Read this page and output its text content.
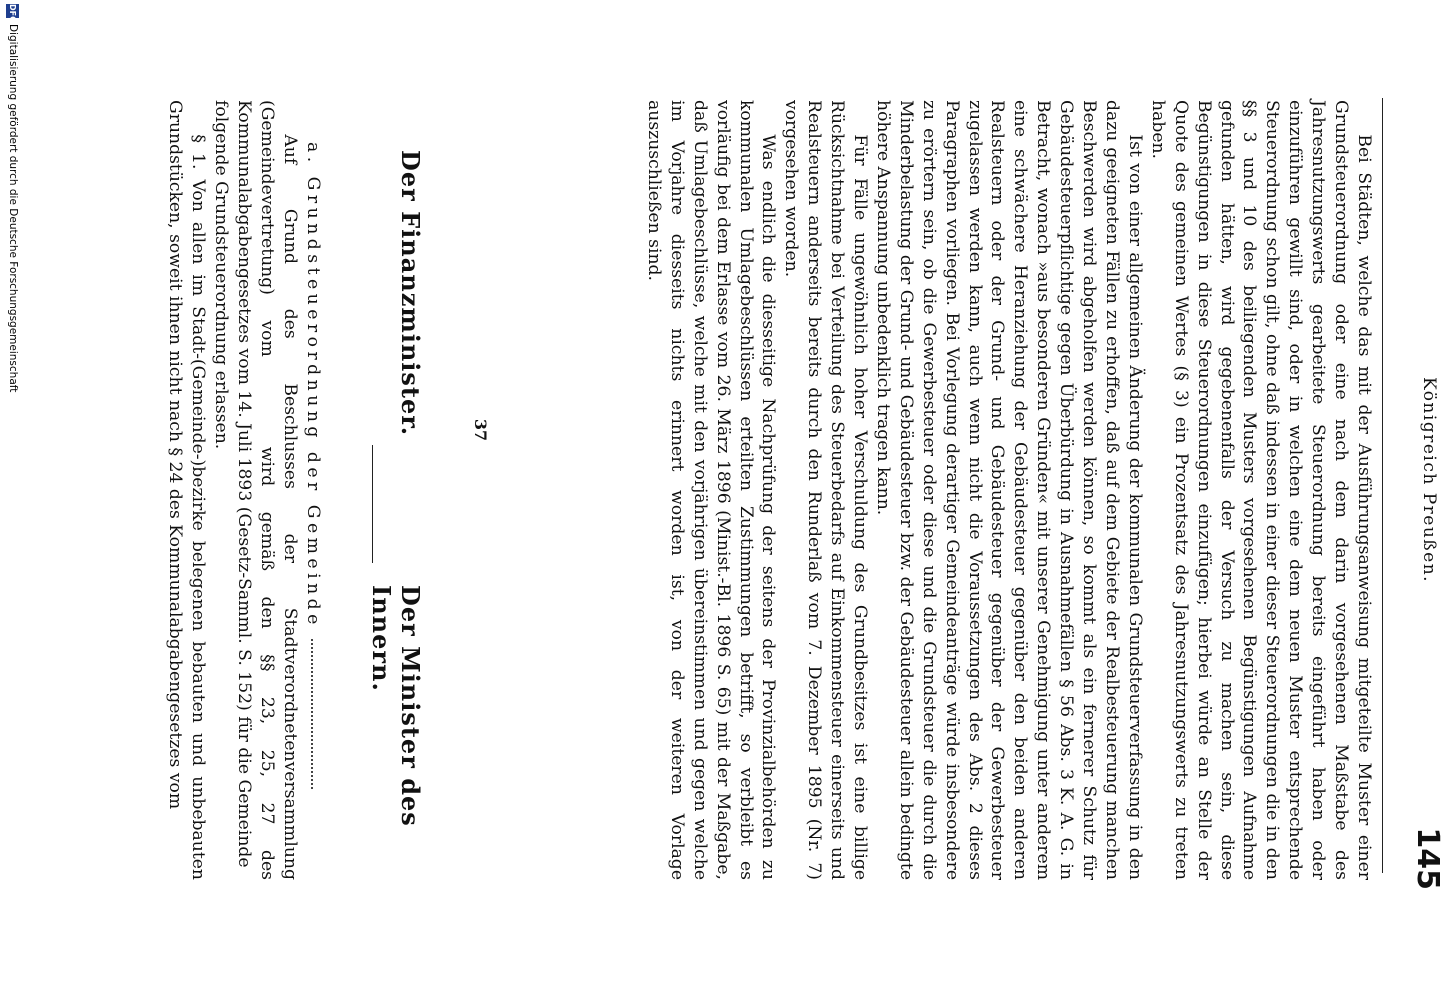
Königreich Preußen.
145

Bei Städten, welche das mit der Ausführungsanweisung mitgeteilte Muster einer Grundsteuerordnung oder eine nach dem darin vorgesehenen Maßstabe des Jahresnutzungswerts gearbeitete Steuerordnung bereits eingeführt haben oder einzuführen gewillt sind, oder in welchen eine dem neuen Muster entsprechende Steuerordnung schon gilt, ohne daß indessen in einer dieser Steuerordnungen die in den §§ 3 und 10 des beiliegenden Musters vorgesehenen Begünstigungen Aufnahme gefunden hätten, wird gegebenenfalls der Versuch zu machen sein, diese Begünstigungen in diese Steuerordnungen einzufügen; hierbei würde an Stelle der Quote des gemeinen Wertes (§ 3) ein Prozentsatz des Jahresnutzungswerts zu treten haben.

Ist von einer allgemeinen Änderung der kommunalen Grundsteuerverfassung in den dazu geeigneten Fällen zu erhoffen, daß auf dem Gebiete der Realbesteuerung manchen Beschwerden wird abgeholfen werden können, so kommt als ein fernerer Schutz für Gebäudesteuerpflichtige gegen Überbürdung in Ausnahmefällen § 56 Abs. 3 K. A. G. in Betracht, wonach »aus besonderen Gründen« mit unserer Genehmigung unter anderem eine schwächere Heranziehung der Gebäudesteuer gegenüber den beiden anderen Realsteuern oder der Grund- und Gebäudesteuer gegenüber der Gewerbesteuer zugelassen werden kann, auch wenn nicht die Voraussetzungen des Abs. 2 dieses Paragraphen vorliegen. Bei Vorlegung derartiger Gemeindeanträge würde insbesondere zu erörtern sein, ob die Gewerbesteuer oder diese und die Grundsteuer die durch die Minderbelastung der Grund- und Gebäudesteuer bzw. der Gebäudesteuer allein bedingte höhere Anspannung unbedenklich tragen kann.

Für Fälle ungewöhnlich hoher Verschuldung des Grundbesitzes ist eine billige Rücksichtnahme bei Verteilung des Steuerbedarfs auf Einkommensteuer einerseits und Realsteuern anderseits bereits durch den Runderlaß vom 7. Dezember 1895 (Nr. 7) vorgesehen worden.

Was endlich die diesseitige Nachprüfung der seitens der Provinzialbehörden zu kommunalen Umlagebeschlüssen erteilten Zustimmungen betrifft, so verbleibt es vorläufig bei dem Erlasse vom 26. März 1896 (Minist.-Bl. 1896 S. 65) mit der Maßgabe, daß Umlagebeschlüsse, welche mit den vorjährigen übereinstimmen und gegen welche im Vorjahre diesseits nichts erinnert worden ist, von der weiteren Vorlage auszuschließen sind.

Der Finanzminister.
Der Minister des Innern.
a. Grundsteuerordnung der Gemeinde

Auf Grund des Beschlusses der Stadtverordnetenversammlung (Gemeindevertretung) vomwird gemäß den §§ 23, 25, 27 des Kommunalabgabengesetzes vom 14. Juli 1893 (Gesetz-Samml. S. 152) für die Gemeinde

folgende Grundsteuerordnung erlassen.

§ 1. Von allen im Stadt-(Gemeinde-)bezirke belegenen bebauten und unbebauten Grundstücken, soweit ihnen nicht nach § 24 des Kommunalabgabengesetzes vom	37
DFG
Digitalisierung gefördert durch die Deutsche Forschungsgemeinschaft
